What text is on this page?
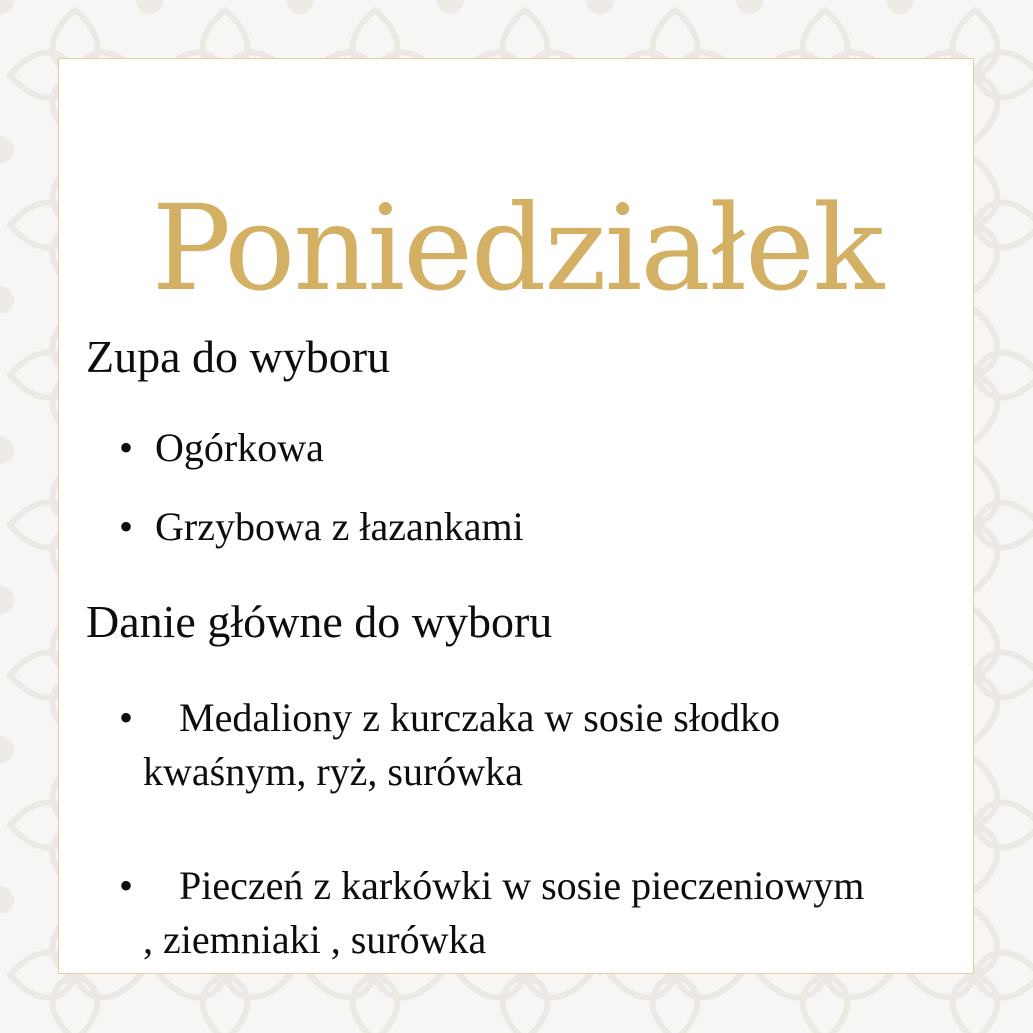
Poniedziałek
Zupa do wyboru
• Ogórkowa
• Grzybowa z łazankami
Danie główne do wyboru
•	Medaliony z kurczaka w sosie słodko kwaśnym, ryż, surówka
•	Pieczeń z karkówki w sosie pieczeniowym , ziemniaki , surówka
